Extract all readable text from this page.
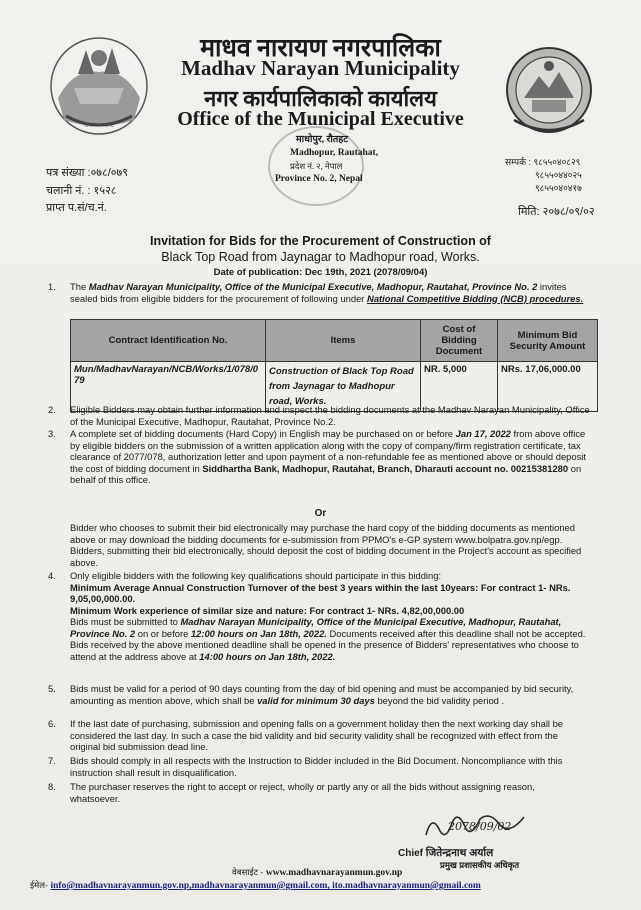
~~~~~~
माधव नारायण नगरपालिका
Madhav Narayan Municipality
नगर कार्यपालिकाको कार्यालय
Office of the Municipal Executive
माधोपुर, रौतहट
Madhopur, Rautahat,
प्रदेश नं. २, नेपाल
Province No. 2, Nepal
पत्र संख्या :०७८/०७९
चलानी नं. : १५२८
प्राप्त प.सं/च.नं.
सम्पर्क : ९८५५०४०८२९
९८५५०४४०२५
९८५५०४०४१७
मिति: २०७८/०९/०२
Invitation for Bids for the Procurement of Construction of
Black Top Road from Jaynagar to Madhopur road, Works.
Date of publication: Dec 19th, 2021 (2078/09/04)
1. The Madhav Narayan Municipality, Office of the Municipal Executive, Madhopur, Rautahat, Province No. 2 invites sealed bids from eligible bidders for the procurement of following under National Competitive Bidding (NCB) procedures.
Contract Identification No.	Items	Cost of Bidding Document	Minimum Bid Security Amount
Mun/MadhavNarayan/NCB/Works/1/078/079	Construction of Black Top Road from Jaynagar to Madhopur road, Works.	NR. 5,000	NRs. 17,06,000.00
2. Eligible Bidders may obtain further information and inspect the bidding documents at the Madhav Narayan Municipality, Office of the Municipal Executive, Madhopur, Rautahat, Province No.2.
3. A complete set of bidding documents (Hard Copy) in English may be purchased on or before Jan 17, 2022 from above office by eligible bidders on the submission of a written application along with the copy of company/firm registration certificate, tax clearance of 2077/078, authorization letter and upon payment of a non-refundable fee as mentioned above or should deposit the cost of bidding document in Siddhartha Bank, Madhopur, Rautahat, Branch, Dharauti account no. 00215381280 on behalf of this office.
Or
Bidder who chooses to submit their bid electronically may purchase the hard copy of the bidding documents as mentioned above or may download the bidding documents for e-submission from PPMO's e-GP system www.bolpatra.gov.np/egp. Bidders, submitting their bid electronically, should deposit the cost of bidding document in the Project's account as specified above.
4. Only eligible bidders with the following key qualifications should participate in this bidding:
Minimum Average Annual Construction Turnover of the best 3 years within the last 10years: For contract 1- NRs. 9,05,00,000.00.
Minimum Work experience of similar size and nature: For contract 1- NRs. 4,82,00,000.00
Bids must be submitted to Madhav Narayan Municipality, Office of the Municipal Executive, Madhopur, Rautahat, Province No. 2 on or before 12:00 hours on Jan 18th, 2022. Documents received after this deadline shall not be accepted. Bids received by the above mentioned deadline shall be opened in the presence of Bidders' representatives who choose to attend at the address above at 14:00 hours on Jan 18th, 2022.
5. Bids must be valid for a period of 90 days counting from the day of bid opening and must be accompanied by bid security, amounting as mention above, which shall be valid for minimum 30 days beyond the bid validity period .
6. If the last date of purchasing, submission and opening falls on a government holiday then the next working day shall be considered the last day. In such a case the bid validity and bid security validity shall be recognized with effect from the original bid submission dead line.
7. Bids should comply in all respects with the Instruction to Bidder included in the Bid Document. Noncompliance with this instruction shall result in disqualification.
8. The purchaser reserves the right to accept or reject, wholly or partly any or all the bids without assigning reason, whatsoever.
2078/09/02
Chief जितेन्द्रनाथ अर्याल
प्रमुख प्रशासकीय अधिकृत
वेबसाईट - www.madhavnarayanmun.gov.np
ईमेल- info@madhavnarayanmun.gov.np,madhavnarayanmun@gmail.com, ito.madhavnarayanmun@gmail.com
